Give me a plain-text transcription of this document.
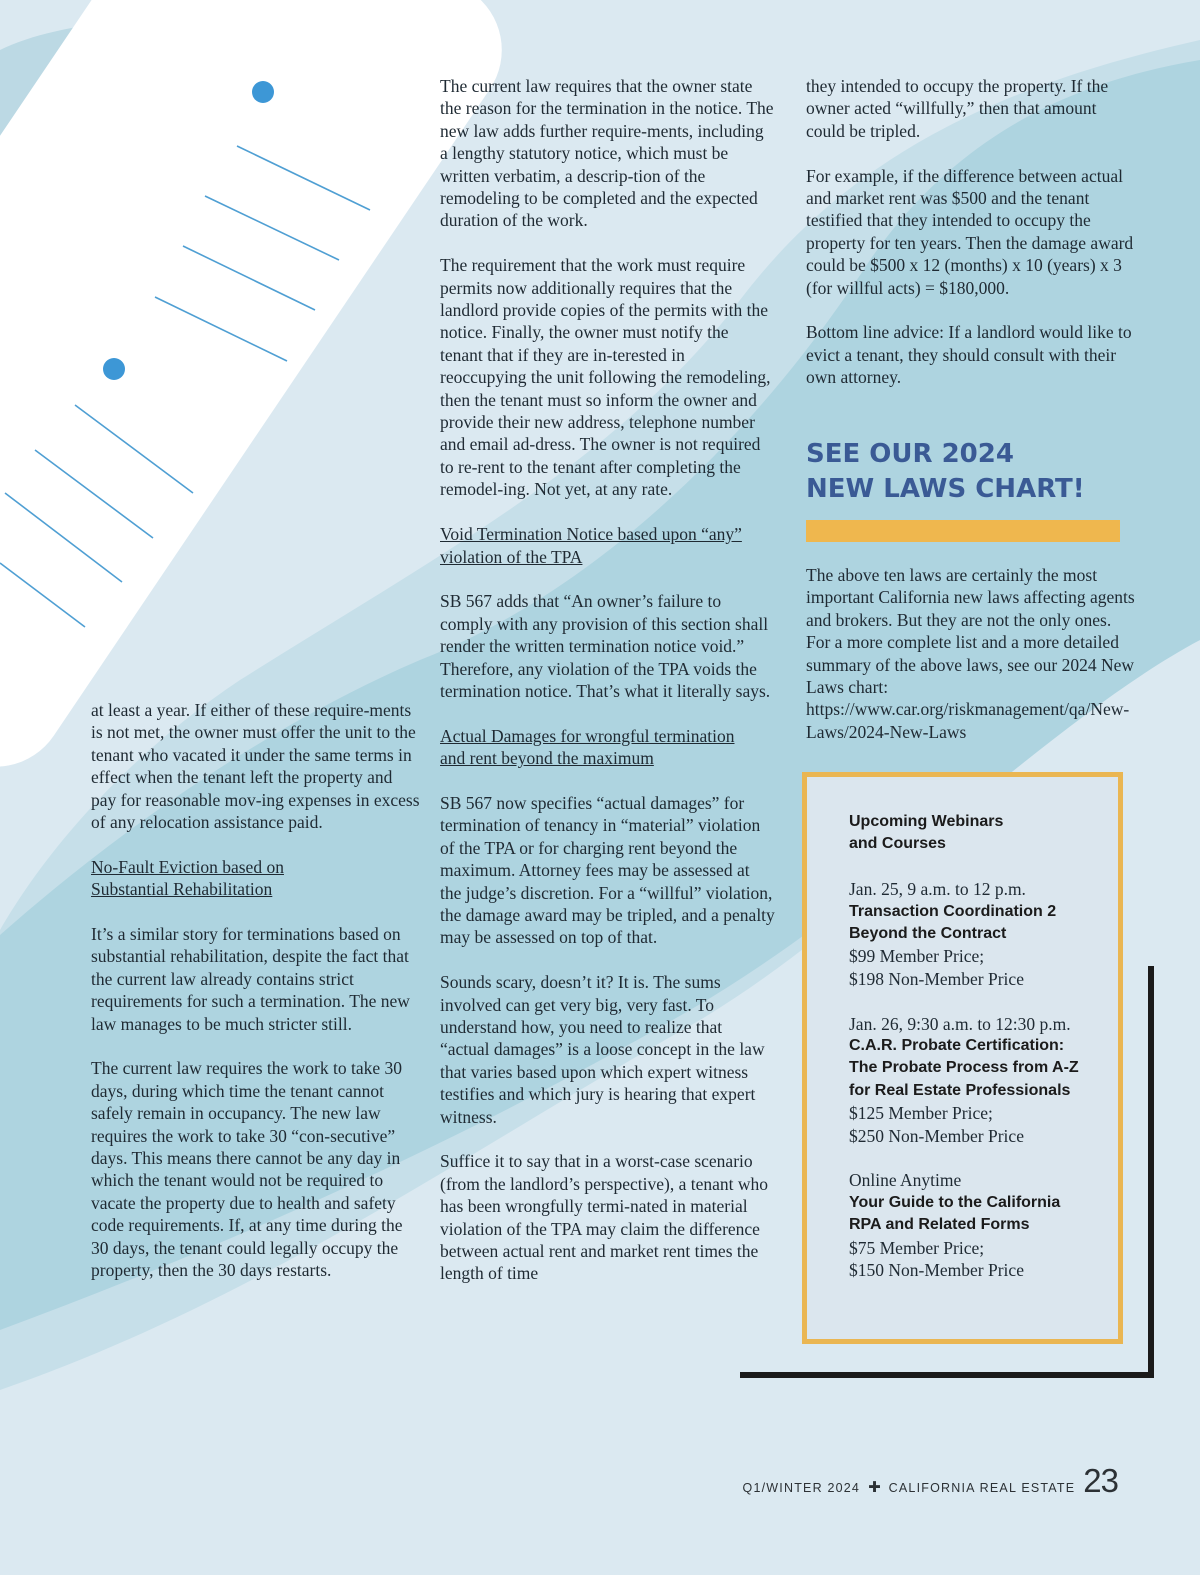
at least a year. If either of these require-ments is not met, the owner must offer the unit to the tenant who vacated it under the same terms in effect when the tenant left the property and pay for reasonable mov-ing expenses in excess of any relocation assistance paid.

No-Fault Eviction based on
Substantial Rehabilitation

It’s a similar story for terminations based on substantial rehabilitation, despite the fact that the current law already contains strict requirements for such a termination. The new law manages to be much stricter still.

The current law requires the work to take 30 days, during which time the tenant cannot safely remain in occupancy. The new law requires the work to take 30 “con-secutive” days. This means there cannot be any day in which the tenant would not be required to vacate the property due to health and safety code requirements. If, at any time during the 30 days, the tenant could legally occupy the property, then the 30 days restarts.

The current law requires that the owner state the reason for the termination in the notice. The new law adds further require-ments, including a lengthy statutory notice, which must be written verbatim, a descrip-tion of the remodeling to be completed and the expected duration of the work.

The requirement that the work must require permits now additionally requires that the landlord provide copies of the permits with the notice. Finally, the owner must notify the tenant that if they are in-terested in reoccupying the unit following the remodeling, then the tenant must so inform the owner and provide their new address, telephone number and email ad-dress. The owner is not required to re-rent to the tenant after completing the remodel-ing. Not yet, at any rate.

Void Termination Notice based upon “any”
violation of the TPA

SB 567 adds that “An owner’s failure to comply with any provision of this section shall render the written termination notice void.” Therefore, any violation of the TPA voids the termination notice. That’s what it literally says.

Actual Damages for wrongful termination
and rent beyond the maximum

SB 567 now specifies “actual damages” for termination of tenancy in “material” violation of the TPA or for charging rent beyond the maximum. Attorney fees may be assessed at the judge’s discretion. For a “willful” violation, the damage award may be tripled, and a penalty may be assessed on top of that.

Sounds scary, doesn’t it? It is. The sums involved can get very big, very fast. To understand how, you need to realize that “actual damages” is a loose concept in the law that varies based upon which expert witness testifies and which jury is hearing that expert witness.

Suffice it to say that in a worst-case scenario (from the landlord’s perspective), a tenant who has been wrongfully termi-nated in material violation of the TPA may claim the difference between actual rent and market rent times the length of time

they intended to occupy the property. If the owner acted “willfully,” then that amount could be tripled.

For example, if the difference between actual and market rent was $500 and the tenant testified that they intended to occupy the property for ten years. Then the damage award could be $500 x 12 (months) x 10 (years) x 3 (for willful acts) = $180,000.

Bottom line advice: If a landlord would like to evict a tenant, they should consult with their own attorney.

SEE OUR 2024
NEW LAWS CHART!

The above ten laws are certainly the most important California new laws affecting agents and brokers. But they are not the only ones. For a more complete list and a more detailed summary of the above laws, see our 2024 New Laws chart: https://www.car.org/riskmanagement/qa/New-Laws/2024-New-Laws

Upcoming Webinars
and Courses
Jan. 25, 9 a.m. to 12 p.m.
Transaction Coordination 2
Beyond the Contract
$99 Member Price;
$198 Non-Member Price
Jan. 26, 9:30 a.m. to 12:30 p.m.
C.A.R. Probate Certification:
The Probate Process from A-Z
for Real Estate Professionals
$125 Member Price;
$250 Non-Member Price
Online Anytime
Your Guide to the California
RPA and Related Forms
$75 Member Price;
$150 Non-Member Price
Q1/WINTER 2024 ✚ CALIFORNIA REAL ESTATE 23
